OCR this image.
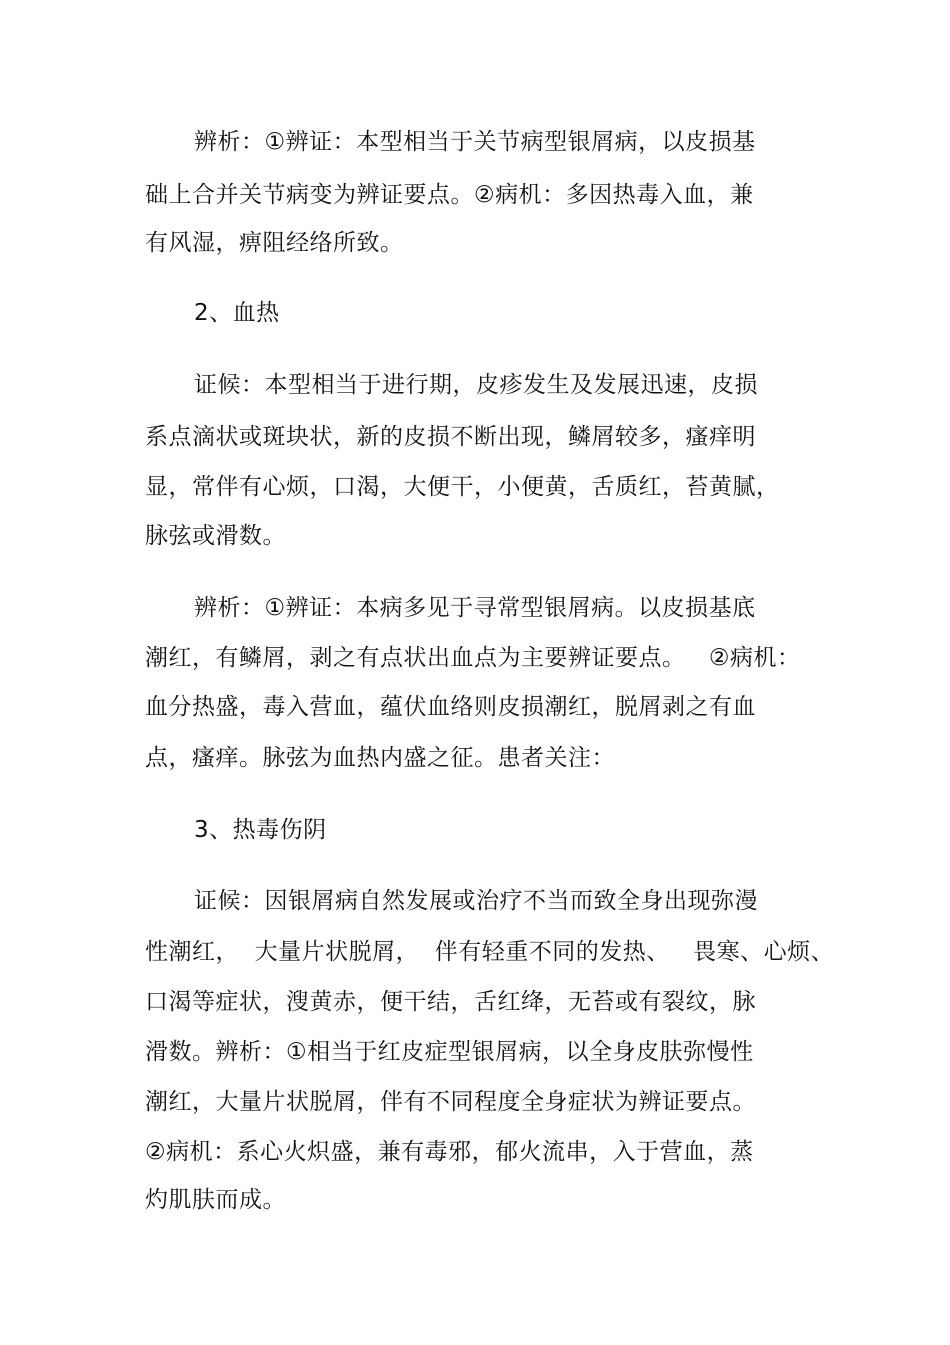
辨析：①辨证：本型相当于关节病型银屑病，以皮损基
础上合并关节病变为辨证要点。②病机：多因热毒入血，兼
有风湿，痹阻经络所致。
2、血热
证候：本型相当于进行期，皮疹发生及发展迅速，皮损
系点滴状或斑块状，新的皮损不断出现，鳞屑较多，瘙痒明
显，常伴有心烦，口渴，大便干，小便黄，舌质红，苔黄腻，
脉弦或滑数。
辨析：①辨证：本病多见于寻常型银屑病。以皮损基底
潮红，有鳞屑，剥之有点状出血点为主要辨证要点。   ②病机：
血分热盛，毒入营血，蕴伏血络则皮损潮红，脱屑剥之有血
点，瘙痒。脉弦为血热内盛之征。患者关注：
3、热毒伤阴
证候：因银屑病自然发展或治疗不当而致全身出现弥漫
性潮红，  大量片状脱屑，  伴有轻重不同的发热、   畏寒、心烦、
口渴等症状，溲黄赤，便干结，舌红绛，无苔或有裂纹，脉
滑数。辨析：①相当于红皮症型银屑病，以全身皮肤弥慢性
潮红，大量片状脱屑，伴有不同程度全身症状为辨证要点。
②病机：系心火炽盛，兼有毒邪，郁火流串，入于营血，蒸
灼肌肤而成。
